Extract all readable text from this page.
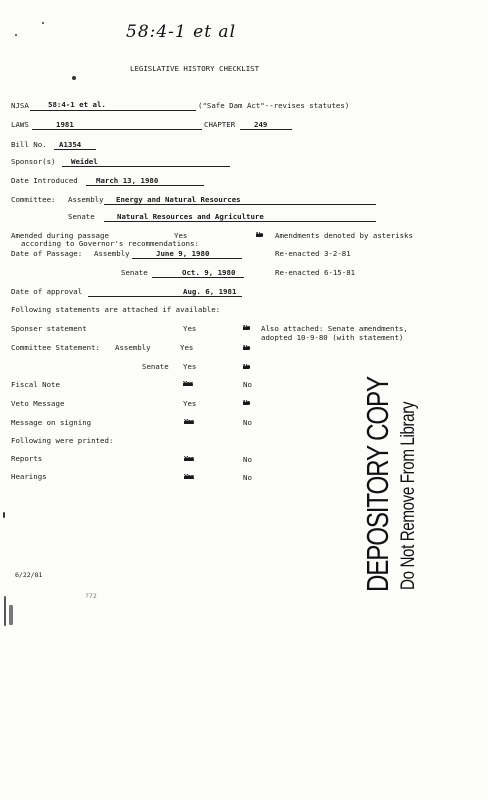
58:4-1 et al
LEGISLATIVE HISTORY CHECKLIST
NJSA	58:4-1 et al.	("Safe Dam Act"--revises statutes)
LAWS	1981	CHAPTER	249
Bill No. A1354
Sponsor(s) Weidel
Date Introduced March 13, 1980
Committee: Assembly Energy and Natural Resources
Senate	Natural Resources and Agriculture
Amended during passage
according to Governor's recommendations:
Yes	No Amendments denoted by asterisks
Date of Passage: Assembly	June 9, 1980	Re-enacted 3-2-81
Senate	Oct. 9, 1980	Re-enacted 6-15-81
Date of approval	Aug. 6, 1981
Following statements are attached if available:
Sponser statement	Yes	No Also attached: Senate amendments,
adopted 10-9-80 (with statement)
Committee Statement: Assembly	Yes	No
Senate Yes	No
Fiscal Note	Yes	No
Veto Message	Yes	No
Message on signing	Yes	No
Following were printed:
Reports	Yes	No
Hearings	Yes	No	DEPOSITORY COPY Do Not Remove From Library
6/22/81
?72
